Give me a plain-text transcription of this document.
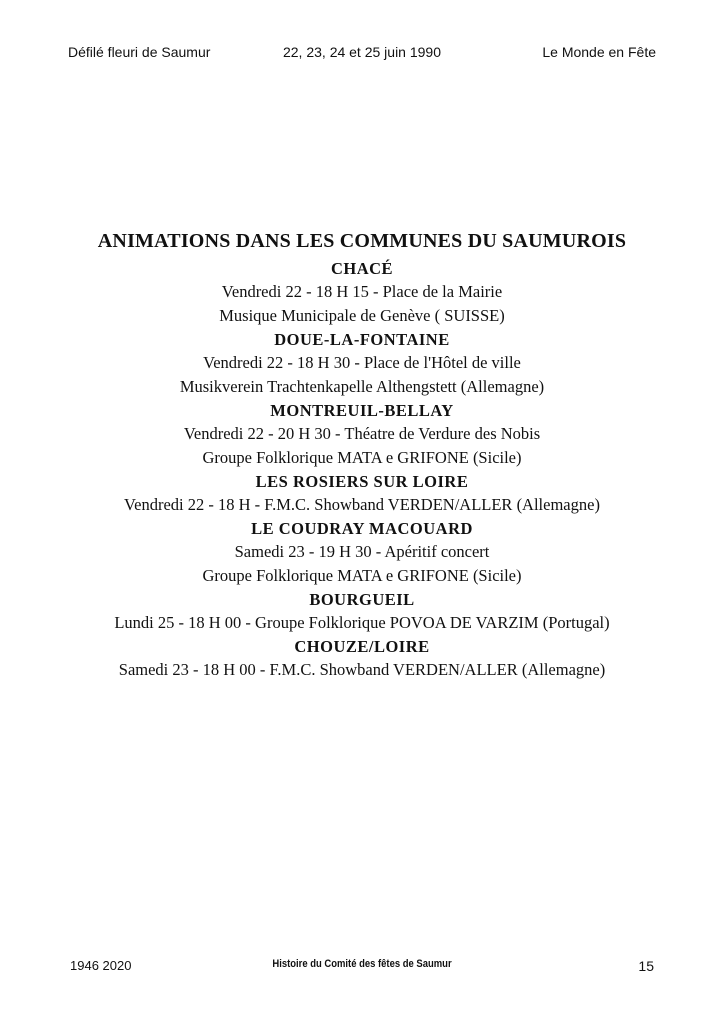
22, 23, 24 et 25 juin 1990
Défilé fleuri de Saumur	Le Monde en Fête
ANIMATIONS DANS LES COMMUNES DU SAUMUROIS
CHACÉ
Vendredi 22 - 18 H 15 - Place de la Mairie
Musique Municipale de Genève ( SUISSE)
DOUE-LA-FONTAINE
Vendredi 22 - 18 H 30 - Place de l'Hôtel de ville
Musikverein Trachtenkapelle Althengstett (Allemagne)
MONTREUIL-BELLAY
Vendredi 22 - 20 H 30 - Théatre de Verdure des Nobis
Groupe Folklorique MATA e GRIFONE (Sicile)
LES ROSIERS SUR LOIRE
Vendredi 22 - 18 H - F.M.C. Showband VERDEN/ALLER (Allemagne)
LE COUDRAY MACOUARD
Samedi 23 - 19 H 30 - Apéritif concert
Groupe Folklorique MATA e GRIFONE (Sicile)
BOURGUEIL
Lundi 25 - 18 H 00 - Groupe Folklorique POVOA DE VARZIM (Portugal)
CHOUZE/LOIRE
Samedi 23 - 18 H 00 - F.M.C. Showband VERDEN/ALLER (Allemagne)
Histoire du Comité des fêtes de Saumur
1946 2020	15
